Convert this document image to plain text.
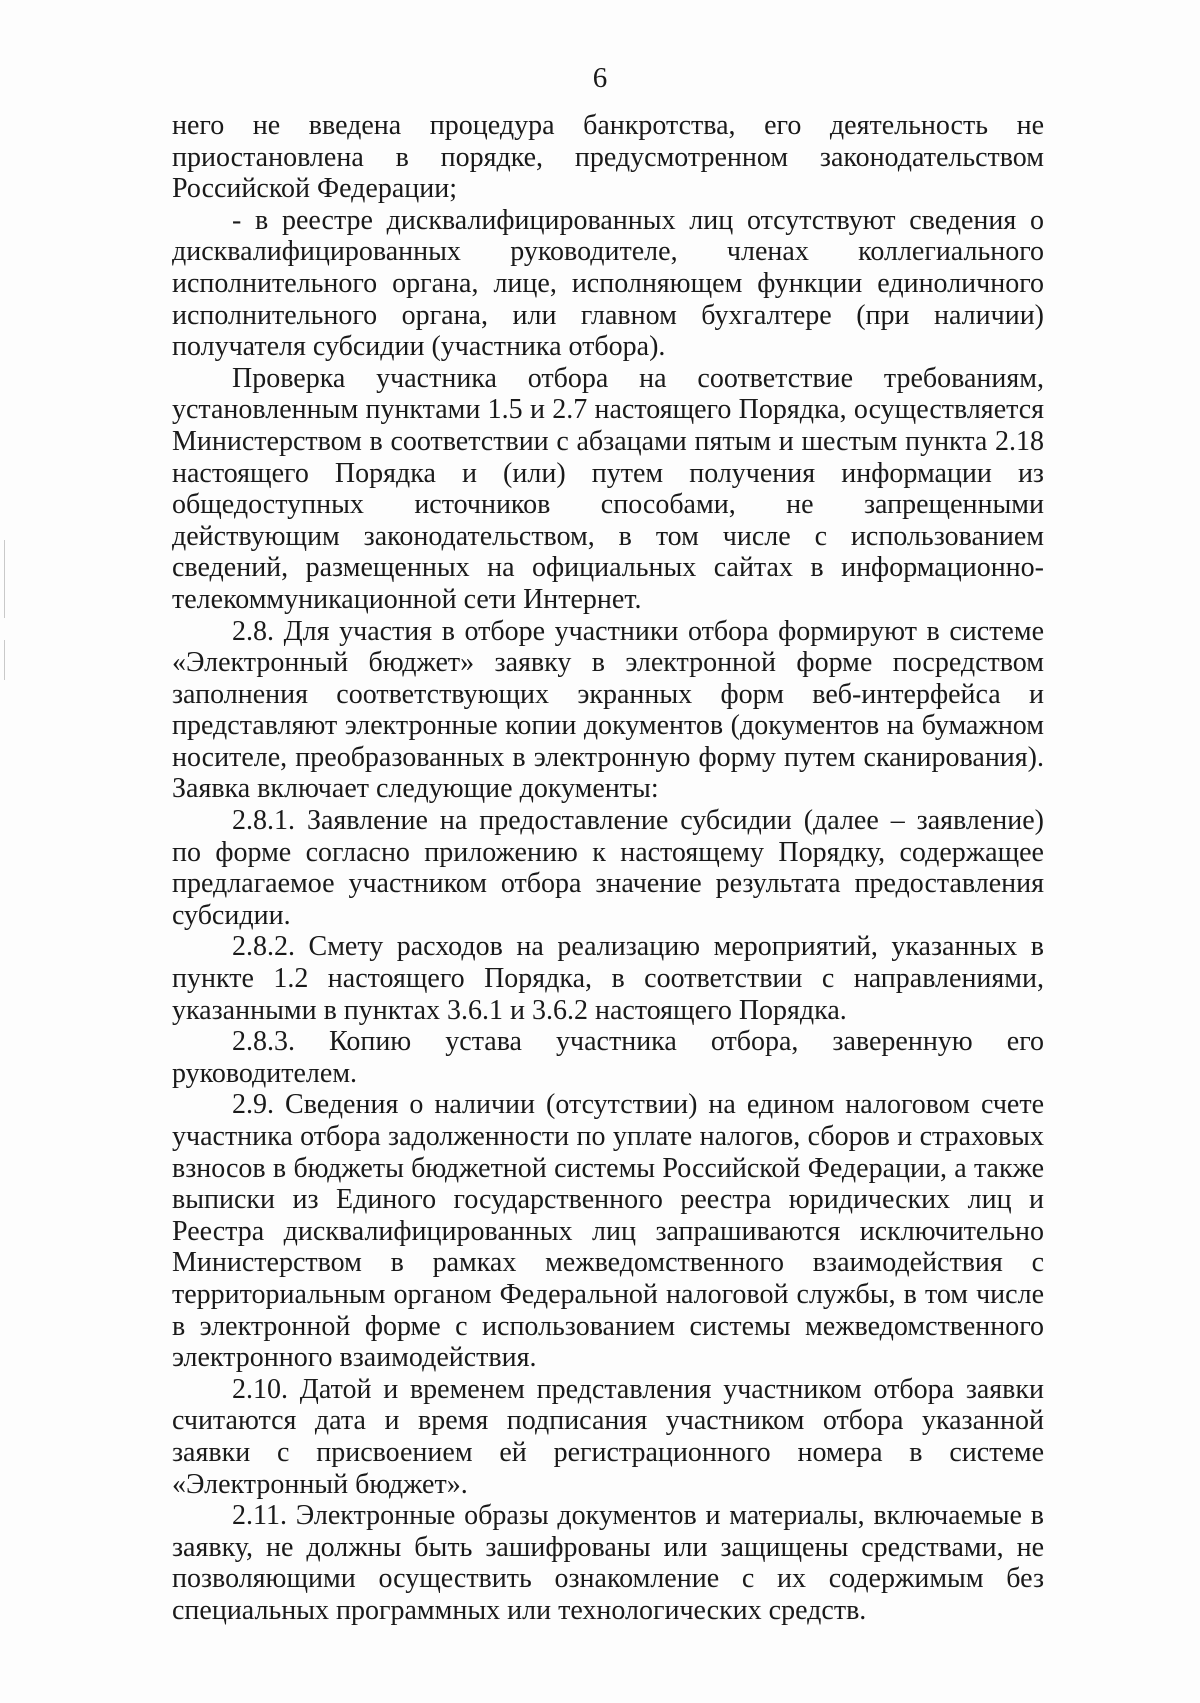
6

него не введена процедура банкротства, его деятельность не приостановлена в порядке, предусмотренном законодательством Российской Федерации;

- в реестре дисквалифицированных лиц отсутствуют сведения о дисквалифицированных руководителе, членах коллегиального исполнительного органа, лице, исполняющем функции единоличного исполнительного органа, или главном бухгалтере (при наличии) получателя субсидии (участника отбора).

Проверка участника отбора на соответствие требованиям, установленным пунктами 1.5 и 2.7 настоящего Порядка, осуществляется Министерством в соответствии с абзацами пятым и шестым пункта 2.18 настоящего Порядка и (или) путем получения информации из общедоступных источников способами, не запрещенными действующим законодательством, в том числе с использованием сведений, размещенных на официальных сайтах в информационно-телекоммуникационной сети Интернет.

2.8. Для участия в отборе участники отбора формируют в системе «Электронный бюджет» заявку в электронной форме посредством заполнения соответствующих экранных форм веб-интерфейса и представляют электронные копии документов (документов на бумажном носителе, преобразованных в электронную форму путем сканирования). Заявка включает следующие документы:

2.8.1. Заявление на предоставление субсидии (далее – заявление) по форме согласно приложению к настоящему Порядку, содержащее предлагаемое участником отбора значение результата предоставления субсидии.

2.8.2. Смету расходов на реализацию мероприятий, указанных в пункте 1.2 настоящего Порядка, в соответствии с направлениями, указанными в пунктах 3.6.1 и 3.6.2 настоящего Порядка.

2.8.3. Копию устава участника отбора, заверенную его руководителем.

2.9. Сведения о наличии (отсутствии) на едином налоговом счете участника отбора задолженности по уплате налогов, сборов и страховых взносов в бюджеты бюджетной системы Российской Федерации, а также выписки из Единого государственного реестра юридических лиц и Реестра дисквалифицированных лиц запрашиваются исключительно Министерством в рамках межведомственного взаимодействия с территориальным органом Федеральной налоговой службы, в том числе в электронной форме с использованием системы межведомственного электронного взаимодействия.

2.10. Датой и временем представления участником отбора заявки считаются дата и время подписания участником отбора указанной заявки с присвоением ей регистрационного номера в системе «Электронный бюджет».

2.11. Электронные образы документов и материалы, включаемые в заявку, не должны быть зашифрованы или защищены средствами, не позволяющими осуществить ознакомление с их содержимым без специальных программных или технологических средств.
